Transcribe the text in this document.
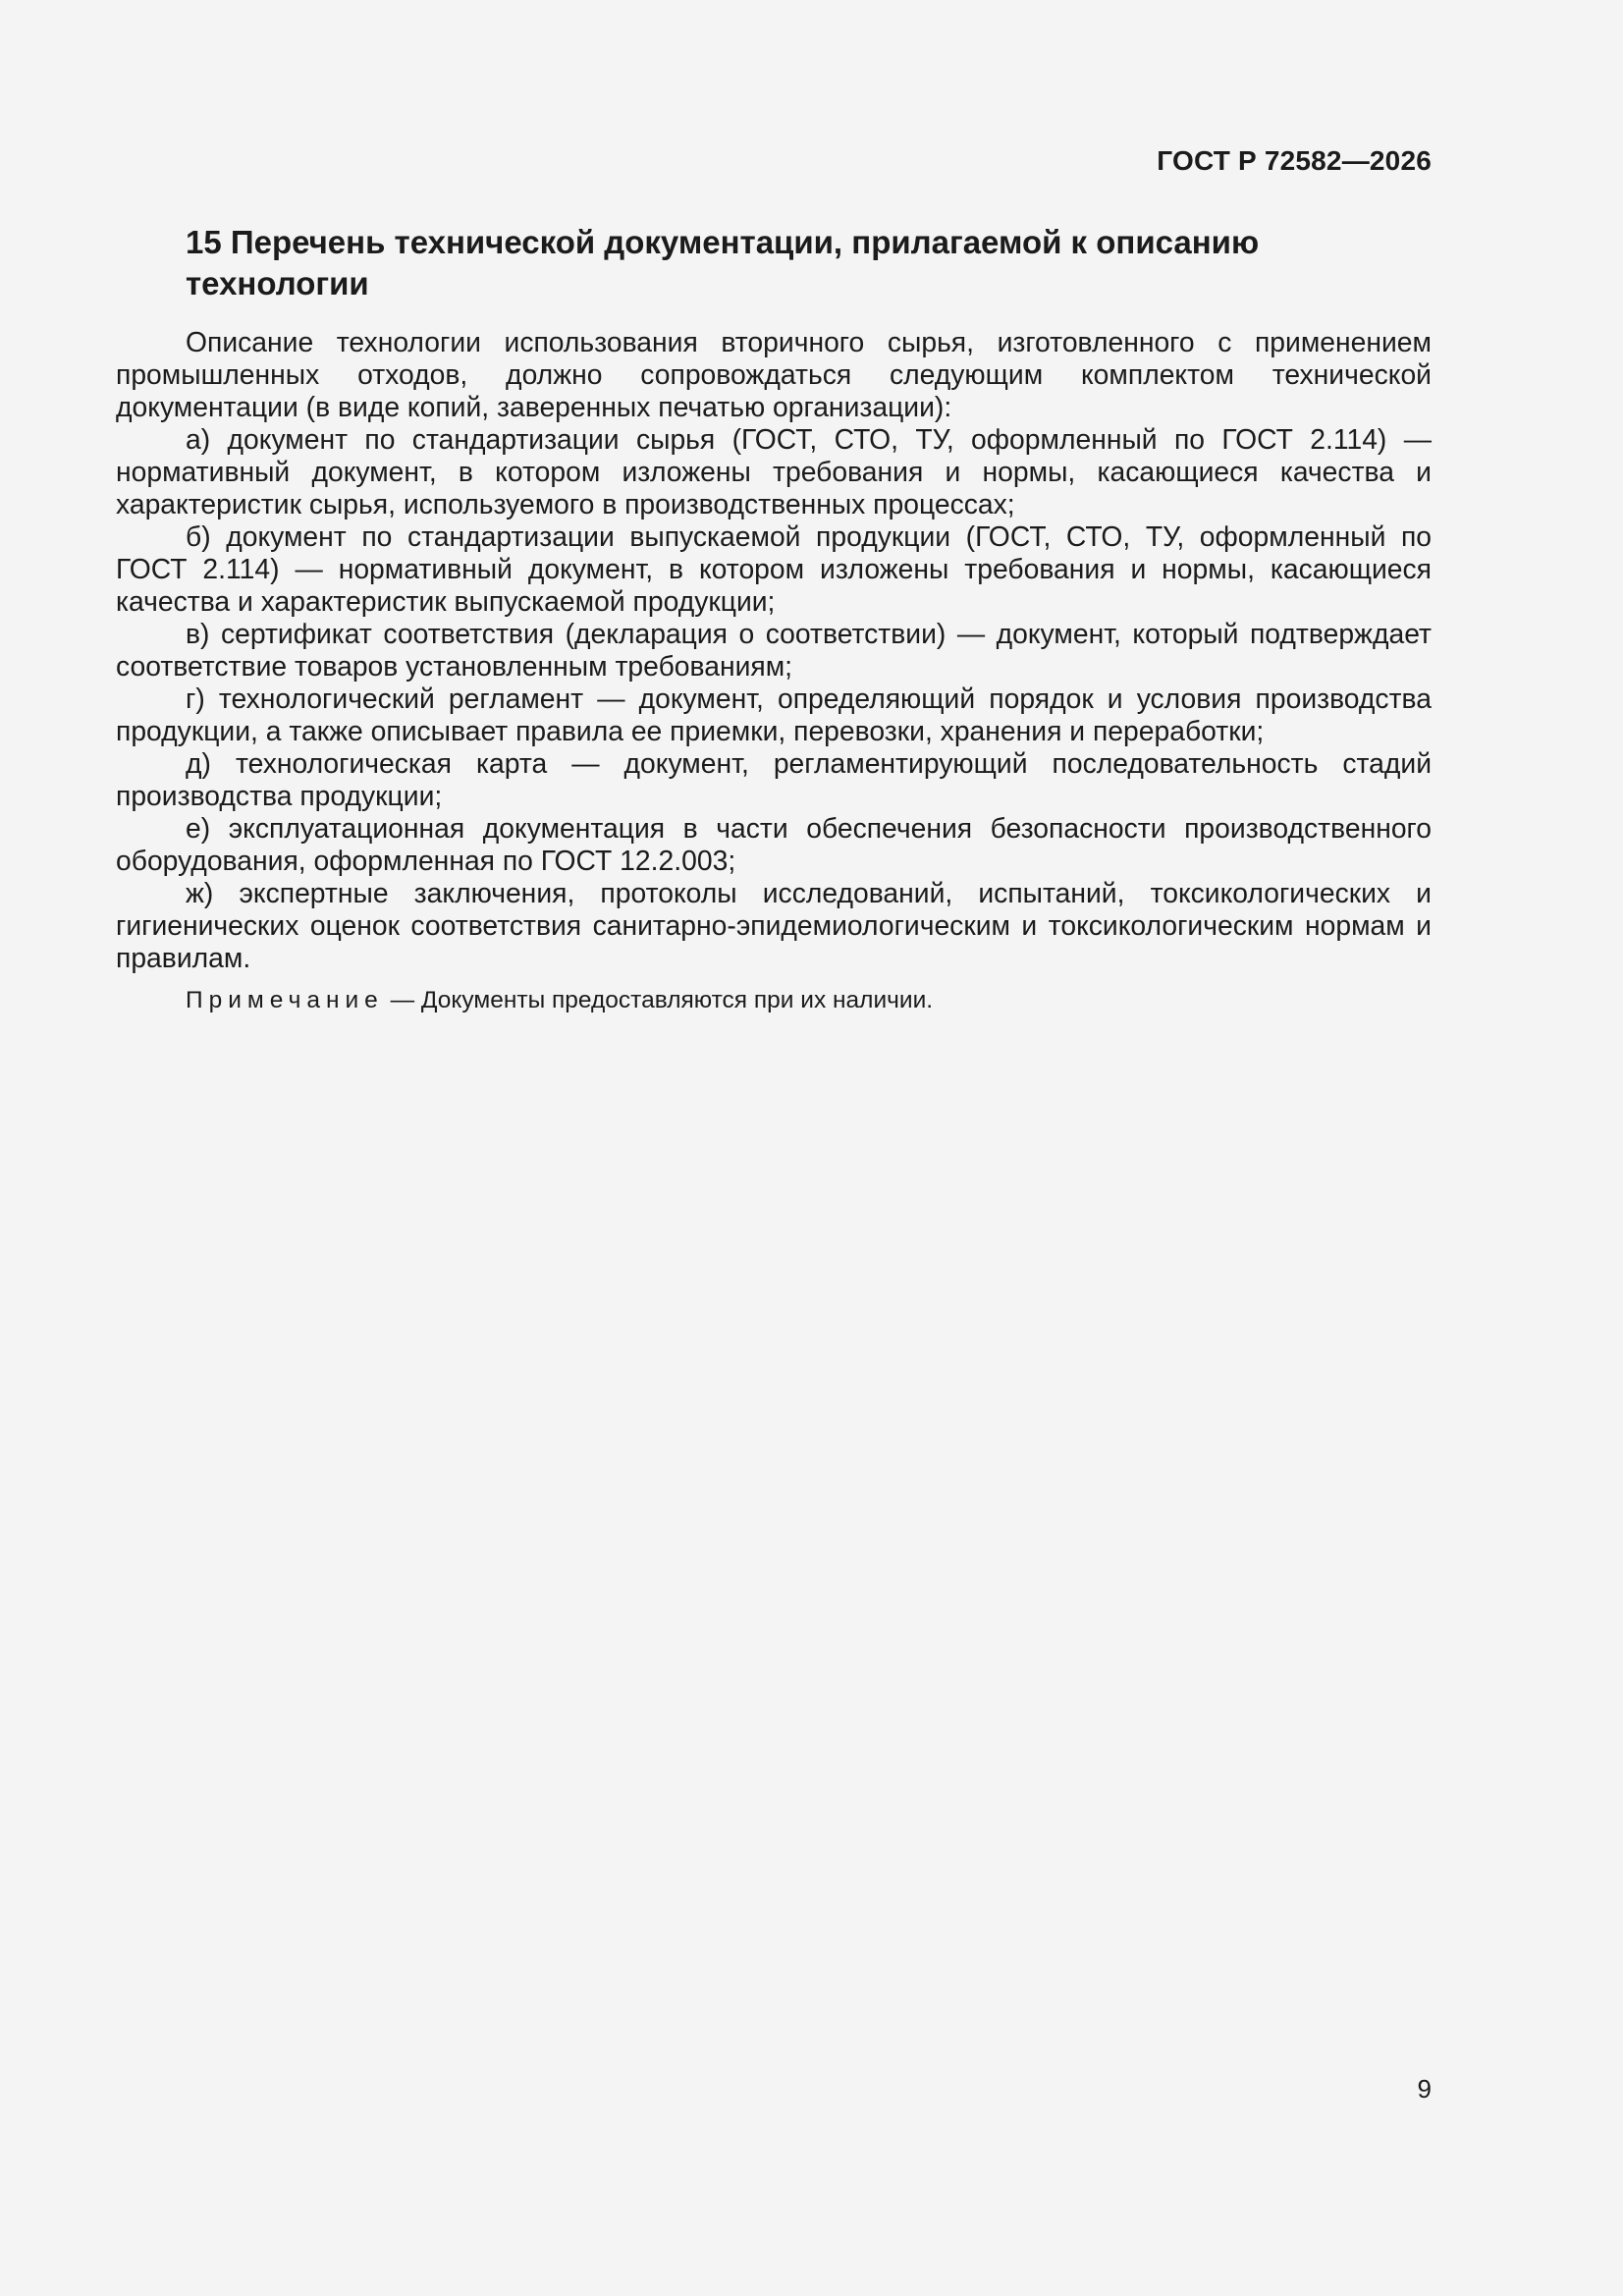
ГОСТ Р 72582—2026

15 Перечень технической документации, прилагаемой к описанию технологии

Описание технологии использования вторичного сырья, изготовленного с применением промышленных отходов, должно сопровождаться следующим комплектом технической документации (в виде копий, заверенных печатью организации):

а) документ по стандартизации сырья (ГОСТ, СТО, ТУ, оформленный по ГОСТ 2.114) — нормативный документ, в котором изложены требования и нормы, касающиеся качества и характеристик сырья, используемого в производственных процессах;

б) документ по стандартизации выпускаемой продукции (ГОСТ, СТО, ТУ, оформленный по ГОСТ 2.114) — нормативный документ, в котором изложены требования и нормы, касающиеся качества и характеристик выпускаемой продукции;

в) сертификат соответствия (декларация о соответствии) — документ, который подтверждает соответствие товаров установленным требованиям;

г) технологический регламент — документ, определяющий порядок и условия производства продукции, а также описывает правила ее приемки, перевозки, хранения и переработки;

д) технологическая карта — документ, регламентирующий последовательность стадий производства продукции;

е) эксплуатационная документация в части обеспечения безопасности производственного оборудования, оформленная по ГОСТ 12.2.003;

ж) экспертные заключения, протоколы исследований, испытаний, токсикологических и гигиенических оценок соответствия санитарно-эпидемиологическим и токсикологическим нормам и правилам.

Примечание — Документы предоставляются при их наличии.

9
